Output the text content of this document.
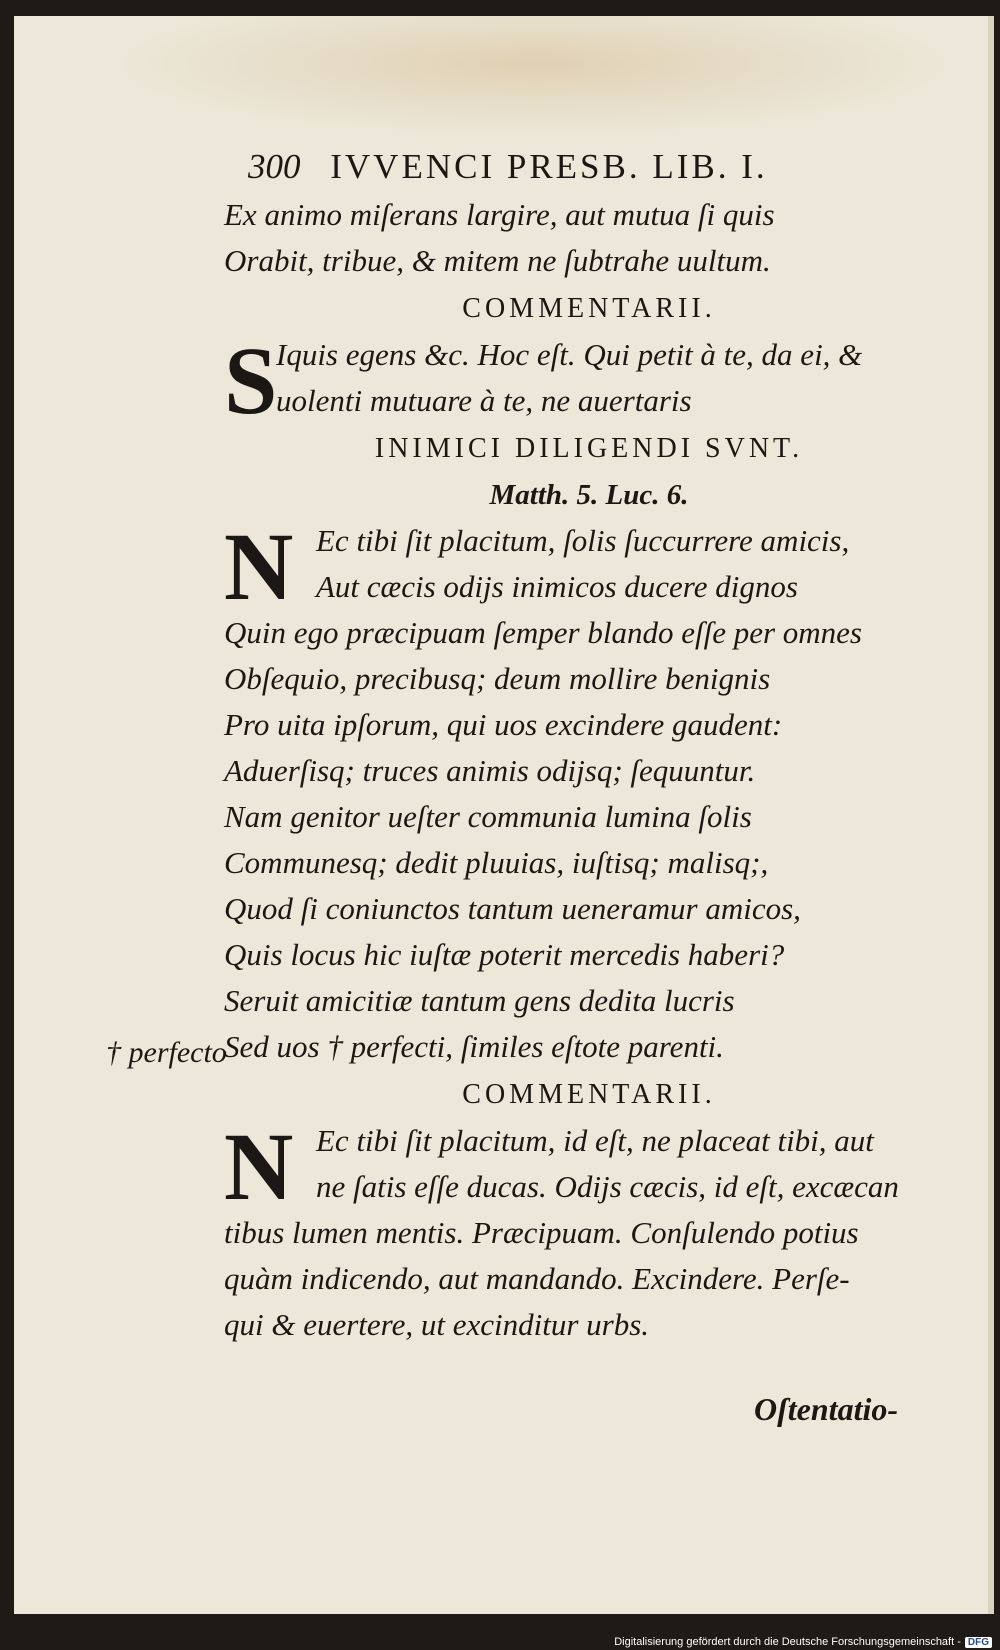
300 IVVENCI PRESB. LIB. I.
Ex animo miſerans largire, aut mutua ſi quis
Orabit, tribue, & mitem ne ſubtrahe uultum.
COMMENTARII.
S
Iquis egens &c. Hoc eſt. Qui petit à te, da ei, &
uolenti mutuare à te, ne auertaris
INIMICI DILIGENDI SVNT.
Matth. 5. Luc. 6.
N Ec tibi ſit placitum, ſolis ſuccurrere amicis,
Aut cæcis odijs inimicos ducere dignos
Quin ego præcipuam ſemper blando eſſe per omnes
Obſequio, precibusq; deum mollire benignis
Pro uita ipſorum, qui uos excindere gaudent:
Aduerſisq; truces animis odijsq; ſequuntur.
Nam genitor ueſter communia lumina ſolis
Communesq; dedit pluuias, iuſtisq; malisq;,
Quod ſi coniunctos tantum ueneramur amicos,
Quis locus hic iuſtæ poterit mercedis haberi?
Seruit amicitiæ tantum gens dedita lucris
Sed uos † perfecti, ſimiles eſtote parenti.
COMMENTARII.
N Ec tibi ſit placitum, id eſt, ne placeat tibi, aut
ne ſatis eſſe ducas. Odijs cæcis, id eſt, excæcan
tibus lumen mentis. Præcipuam. Conſulendo potius
quàm indicendo, aut mandando. Excindere. Perſe-
qui & euertere, ut excinditur urbs.
† perfecto
Oſtentatio-
Digitalisierung gefördert durch die Deutsche Forschungsgemeinschaft - DFG
